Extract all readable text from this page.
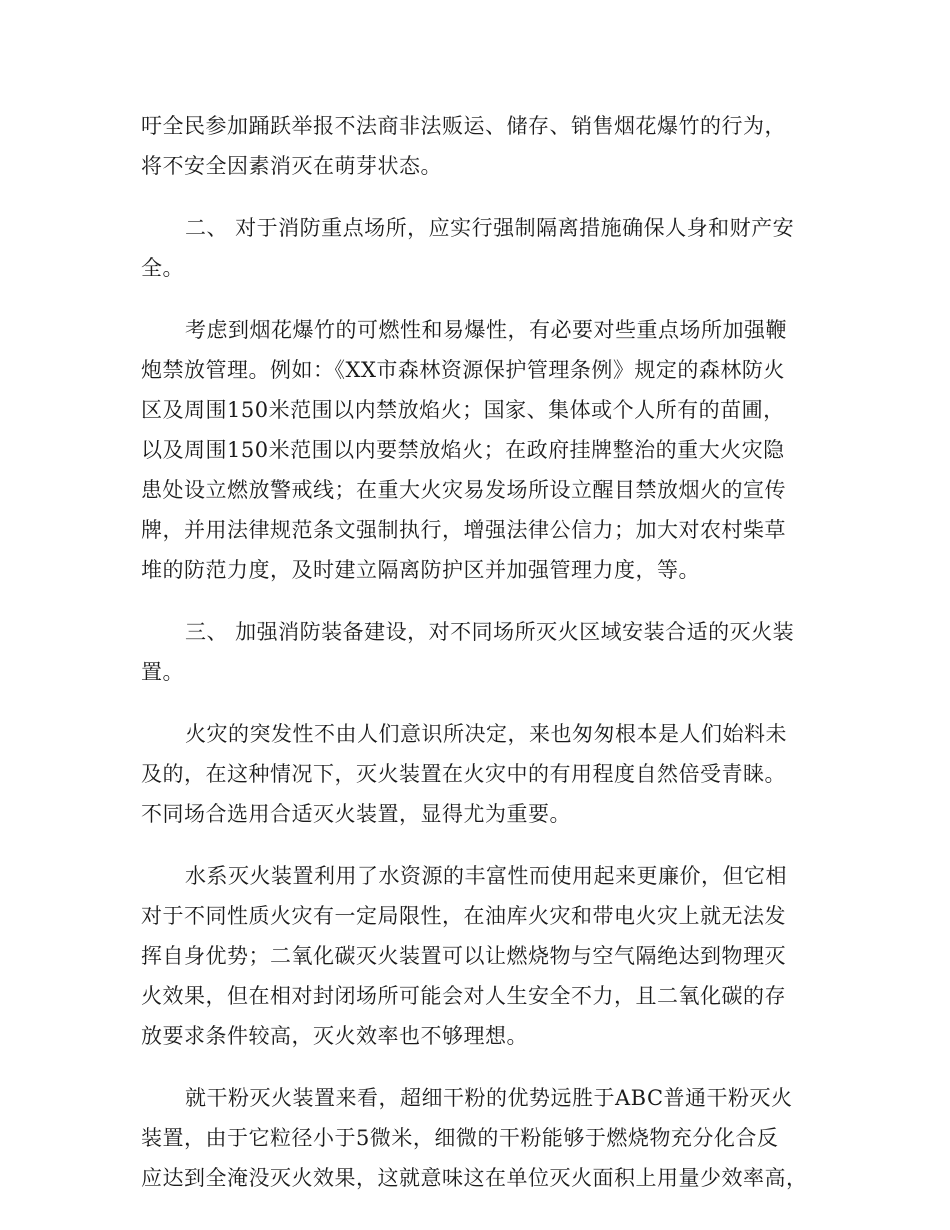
吁全民参加踊跃举报不法商非法贩运、储存、销售烟花爆竹的行为，
将不安全因素消灭在萌芽状态。
二、 对于消防重点场所，应实行强制隔离措施确保人身和财产安
全。
考虑到烟花爆竹的可燃性和易爆性，有必要对些重点场所加强鞭
炮禁放管理。例如：《XX市森林资源保护管理条例》规定的森林防火
区及周围150米范围以内禁放焰火；国家、集体或个人所有的苗圃，
以及周围150米范围以内要禁放焰火；在政府挂牌整治的重大火灾隐
患处设立燃放警戒线；在重大火灾易发场所设立醒目禁放烟火的宣传
牌，并用法律规范条文强制执行，增强法律公信力；加大对农村柴草
堆的防范力度，及时建立隔离防护区并加强管理力度，等。
三、 加强消防装备建设，对不同场所灭火区域安装合适的灭火装
置。
火灾的突发性不由人们意识所决定，来也匆匆根本是人们始料未
及的，在这种情况下，灭火装置在火灾中的有用程度自然倍受青睐。
不同场合选用合适灭火装置，显得尤为重要。
水系灭火装置利用了水资源的丰富性而使用起来更廉价，但它相
对于不同性质火灾有一定局限性，在油库火灾和带电火灾上就无法发
挥自身优势；二氧化碳灭火装置可以让燃烧物与空气隔绝达到物理灭
火效果，但在相对封闭场所可能会对人生安全不力，且二氧化碳的存
放要求条件较高，灭火效率也不够理想。
就干粉灭火装置来看，超细干粉的优势远胜于ABC普通干粉灭火
装置，由于它粒径小于5微米，细微的干粉能够于燃烧物充分化合反
应达到全淹没灭火效果，这就意味这在单位灭火面积上用量少效率高，
